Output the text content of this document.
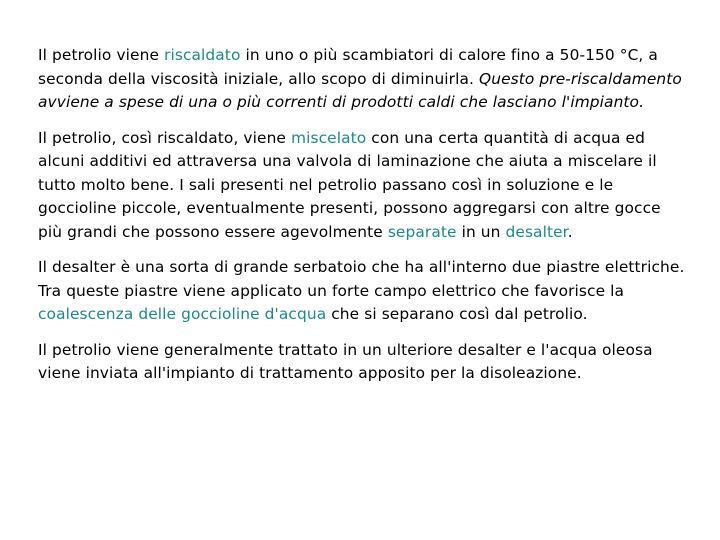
Il petrolio viene riscaldato in uno o più scambiatori di calore fino a 50-150 °C, a seconda della viscosità iniziale, allo scopo di diminuirla. Questo pre-riscaldamento avviene a spese di una o più correnti di prodotti caldi che lasciano l'impianto.

Il petrolio, così riscaldato, viene miscelato con una certa quantità di acqua ed alcuni additivi ed attraversa una valvola di laminazione che aiuta a miscelare il tutto molto bene. I sali presenti nel petrolio passano così in soluzione e le goccioline piccole, eventualmente presenti, possono aggregarsi con altre gocce più grandi che possono essere agevolmente separate in un desalter.

Il desalter è una sorta di grande serbatoio che ha all'interno due piastre elettriche. Tra queste piastre viene applicato un forte campo elettrico che favorisce la coalescenza delle goccioline d'acqua che si separano così dal petrolio.

Il petrolio viene generalmente trattato in un ulteriore desalter e l'acqua oleosa viene inviata all'impianto di trattamento apposito per la disoleazione.
